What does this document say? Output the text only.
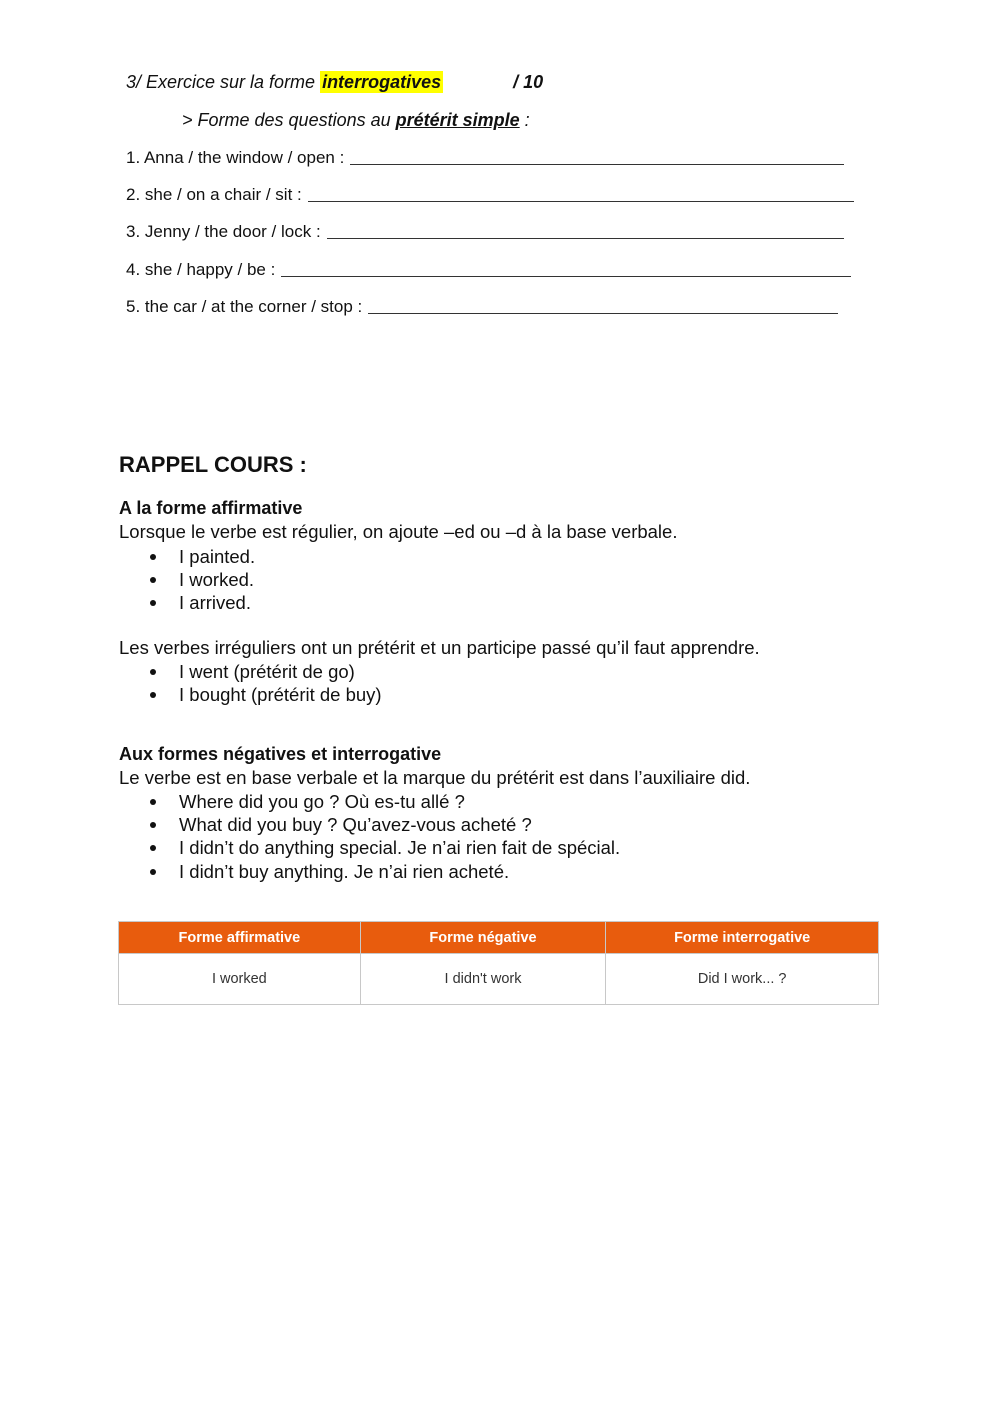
3/ Exercice sur la forme interrogatives	/ 10
> Forme des questions au prétérit simple :
1. Anna / the window / open :
2. she / on a chair / sit :
3. Jenny / the door / lock :
4. she / happy / be :
5. the car / at the corner / stop :
RAPPEL COURS :
A la forme affirmative
Lorsque le verbe est régulier, on ajoute –ed ou –d à la base verbale.
I painted.
I worked.
I arrived.
Les verbes irréguliers ont un prétérit et un participe passé qu’il faut apprendre.
I went (prétérit de go)
I bought (prétérit de buy)
Aux formes négatives et interrogative
Le verbe est en base verbale et la marque du prétérit est dans l’auxiliaire did.
Where did you go ? Où es-tu allé ?
What did you buy ? Qu’avez-vous acheté ?
I didn’t do anything special. Je n’ai rien fait de spécial.
I didn’t buy anything. Je n’ai rien acheté.
Forme affirmative	Forme négative	Forme interrogative
I worked	I didn't work	Did I work... ?
